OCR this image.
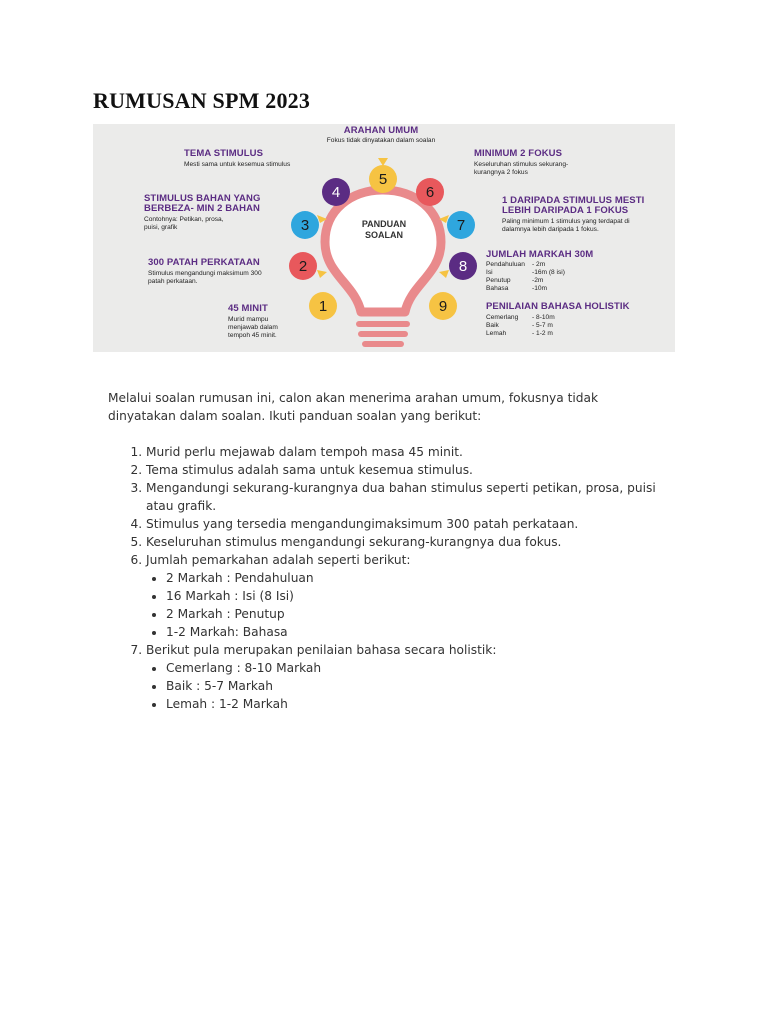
RUMUSAN SPM 2023
1
2
3
4
5
6
7
8
9
PANDUAN
SOALAN
TEMA STIMULUS
Mesti sama untuk kesemua stimulus
ARAHAN UMUM
Fokus tidak dinyatakan dalam soalan
MINIMUM 2 FOKUS
Keseluruhan stimulus sekurang-kurangnya 2 fokus
STIMULUS BAHAN YANG BERBEZA- MIN 2 BAHAN
Contohnya: Petikan, prosa, puisi, grafik
1 DARIPADA STIMULUS MESTI LEBIH DARIPADA 1 FOKUS
Paling minimum 1 stimulus yang terdapat di dalamnya lebih daripada 1 fokus.
300 PATAH PERKATAAN
Stimulus mengandungi maksimum 300 patah perkataan.
JUMLAH MARKAH 30M
Pendahuluan - 2m
Isi	-16m (8 isi)
Penutup	-2m
Bahasa	-10m
45 MINIT
Murid mampu menjawab dalam tempoh 45 minit.
PENILAIAN BAHASA HOLISTIK
Cemerlang - 8-10m
Baik	- 5-7 m
Lemah	- 1-2 m

Melalui soalan rumusan ini, calon akan menerima arahan umum, fokusnya tidak dinyatakan dalam soalan. Ikuti panduan soalan yang berikut:

1. Murid perlu mejawab dalam tempoh masa 45 minit.
2. Tema stimulus adalah sama untuk kesemua stimulus.
3. Mengandungi sekurang-kurangnya dua bahan stimulus seperti petikan, prosa, puisi atau grafik.
4. Stimulus yang tersedia mengandungimaksimum 300 patah perkataan.
5. Keseluruhan stimulus mengandungi sekurang-kurangnya dua fokus.
6. Jumlah pemarkahan adalah seperti berikut:
• 2 Markah : Pendahuluan
• 16 Markah : Isi (8 Isi)
• 2 Markah : Penutup
• 1-2 Markah: Bahasa
7. Berikut pula merupakan penilaian bahasa secara holistik:
• Cemerlang : 8-10 Markah
• Baik : 5-7 Markah
• Lemah : 1-2 Markah
